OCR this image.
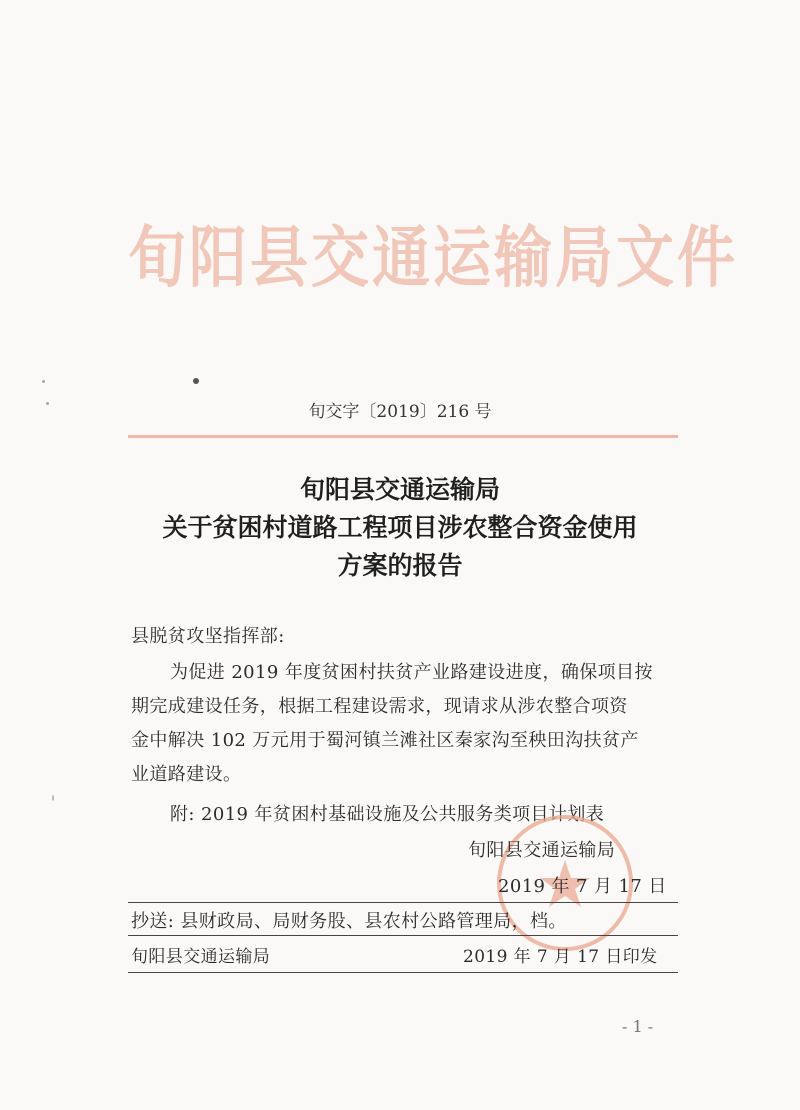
旬阳县交通运输局文件
旬交字〔2019〕216 号
旬阳县交通运输局
关于贫困村道路工程项目涉农整合资金使用
方案的报告
县脱贫攻坚指挥部:
为促进 2019 年度贫困村扶贫产业路建设进度，确保项目按
期完成建设任务，根据工程建设需求，现请求从涉农整合项资
金中解决 102 万元用于蜀河镇兰滩社区秦家沟至秧田沟扶贫产
业道路建设。
附: 2019 年贫困村基础设施及公共服务类项目计划表
旬阳县交通运输局
2019 年 7 月 17 日
抄送: 县财政局、局财务股、县农村公路管理局，档。
旬阳县交通运输局	2019 年 7 月 17 日印发
- 1 -
